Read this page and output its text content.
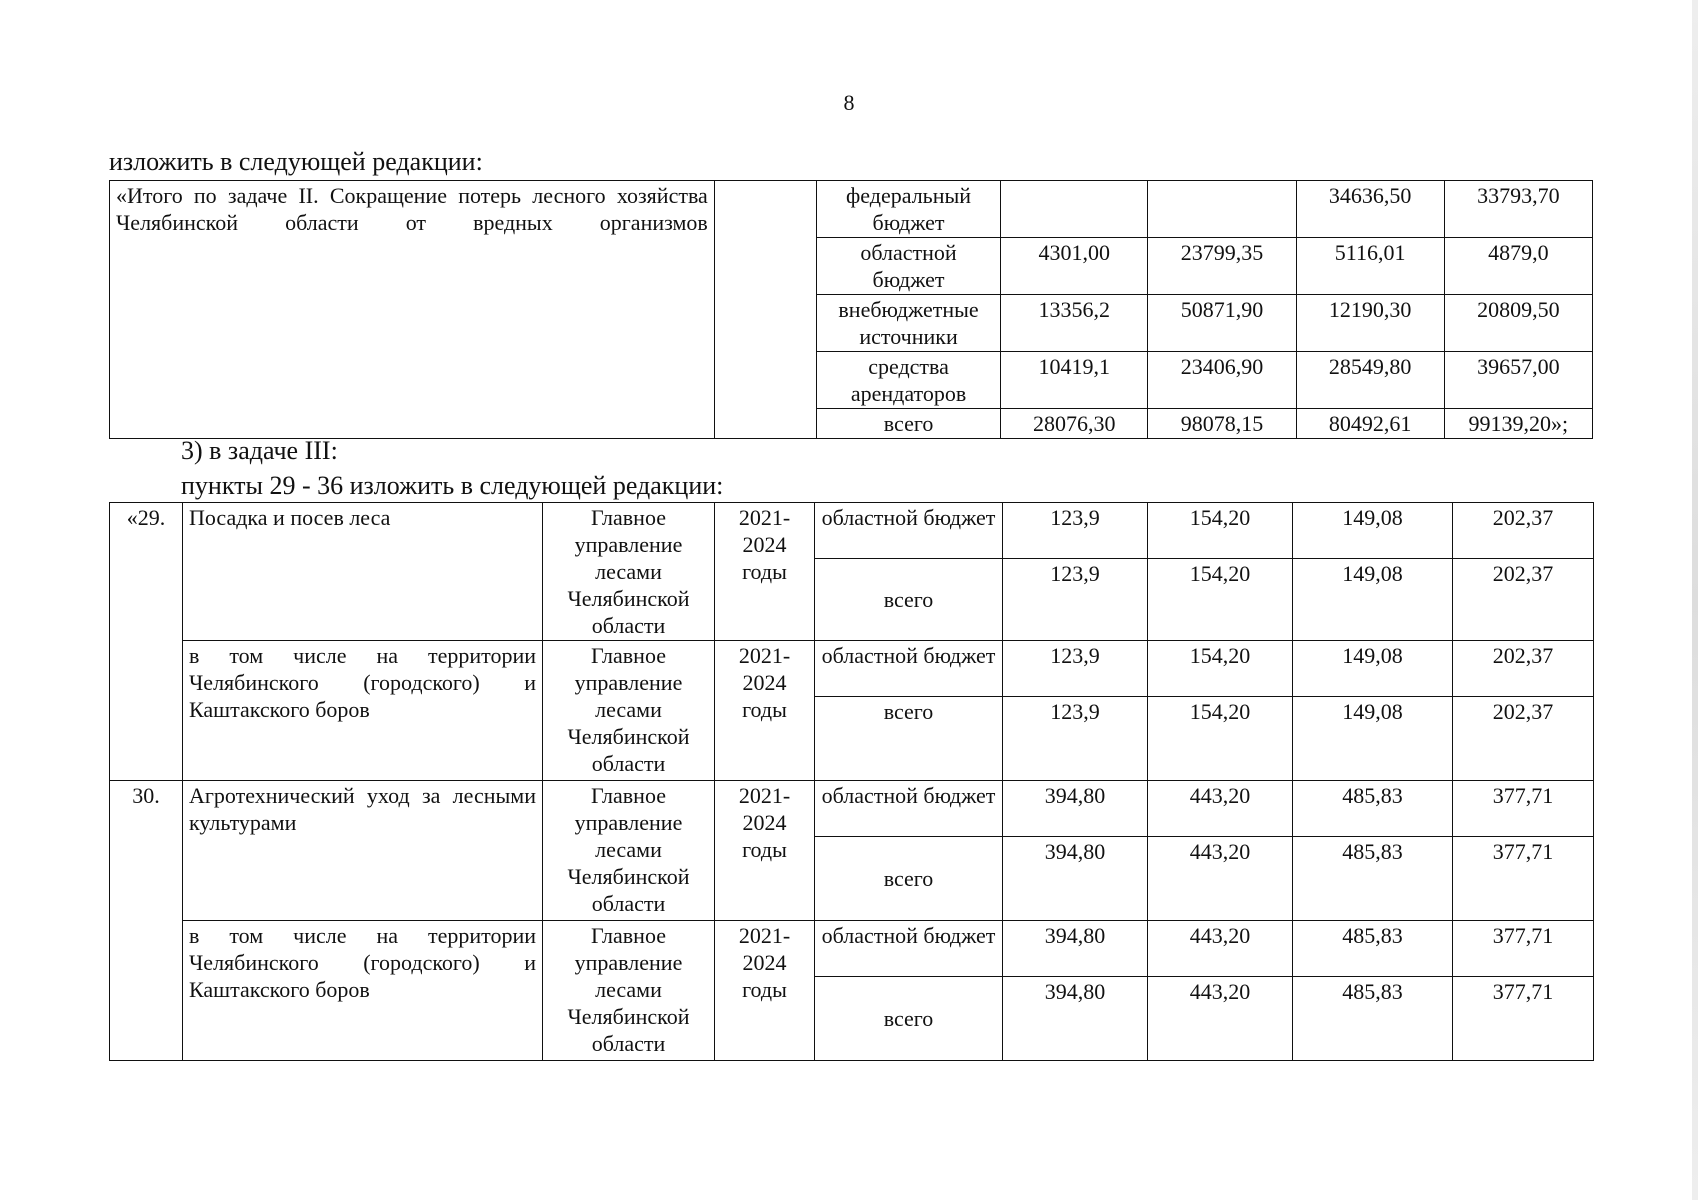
8
изложить в следующей редакции:
«Итого по задаче II. Сокращение потерь лесного хозяйства Челябинской области от вредных организмов		федеральный бюджет			34636,50	33793,70
		областной бюджет	4301,00	23799,35	5116,01	4879,0
		внебюджетные источники	13356,2	50871,90	12190,30	20809,50
		средства арендаторов	10419,1	23406,90	28549,80	39657,00
		всего	28076,30	98078,15	80492,61	99139,20»;
3) в задаче III:
пункты 29 - 36 изложить в следующей редакции:
«29.	Посадка и посев леса	Главное управление лесами Челябинской области	2021-2024 годы	областной бюджет	123,9	154,20	149,08	202,37
				всего	123,9	154,20	149,08	202,37
	в том числе на территории Челябинского (городского) и Каштакского боров	Главное управление лесами Челябинской области	2021-2024 годы	областной бюджет	123,9	154,20	149,08	202,37
				всего	123,9	154,20	149,08	202,37
30.	Агротехнический уход за лесными культурами	Главное управление лесами Челябинской области	2021-2024 годы	областной бюджет	394,80	443,20	485,83	377,71
				всего	394,80	443,20	485,83	377,71
	в том числе на территории Челябинского (городского) и Каштакского боров	Главное управление лесами Челябинской области	2021-2024 годы	областной бюджет	394,80	443,20	485,83	377,71
				всего	394,80	443,20	485,83	377,71
